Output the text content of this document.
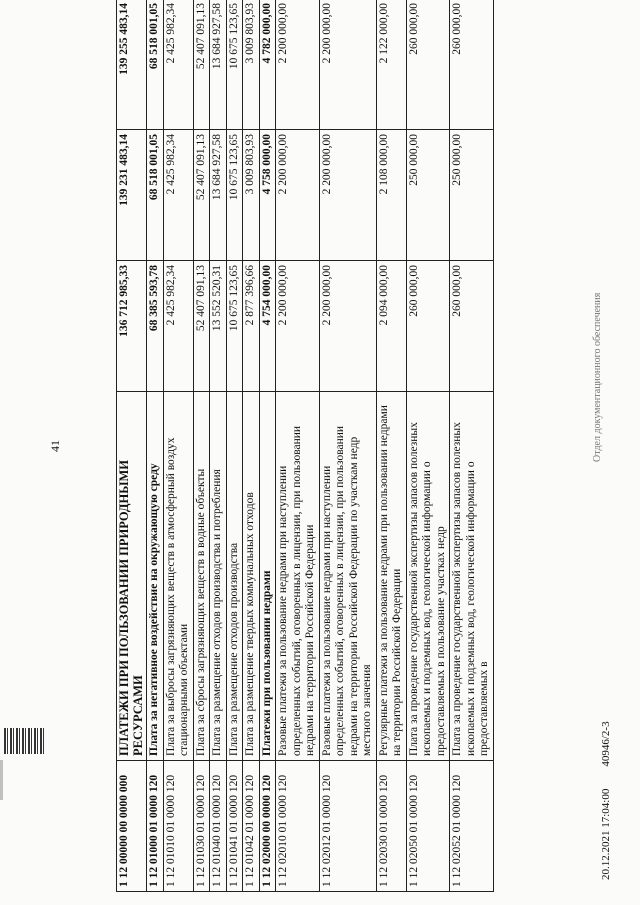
41
1 12 00000 00 0000 000	ПЛАТЕЖИ ПРИ ПОЛЬЗОВАНИИ ПРИРОДНЫМИ РЕСУРСАМИ	136 712 985,33	139 231 483,14	139 255 483,14
1 12 01000 01 0000 120	Плата за негативное воздействие на окружающую среду	68 385 593,78	68 518 001,05	68 518 001,05
1 12 01010 01 0000 120	Плата за выбросы загрязняющих веществ в атмосферный воздух стационарными объектами	2 425 982,34	2 425 982,34	2 425 982,34
1 12 01030 01 0000 120	Плата за сбросы загрязняющих веществ в водные объекты	52 407 091,13	52 407 091,13	52 407 091,13
1 12 01040 01 0000 120	Плата за размещение отходов производства и потребления	13 552 520,31	13 684 927,58	13 684 927,58
1 12 01041 01 0000 120	Плата за размещение отходов производства	10 675 123,65	10 675 123,65	10 675 123,65
1 12 01042 01 0000 120	Плата за размещение твердых коммунальных отходов	2 877 396,66	3 009 803,93	3 009 803,93
1 12 02000 00 0000 120	Платежи при пользовании недрами	4 754 000,00	4 758 000,00	4 782 000,00
1 12 02010 01 0000 120	Разовые платежи за пользование недрами при наступлении определенных событий, оговоренных в лицензии, при пользовании недрами на территории Российской Федерации	2 200 000,00	2 200 000,00	2 200 000,00
1 12 02012 01 0000 120	Разовые платежи за пользование недрами при наступлении определенных событий, оговоренных в лицензии, при пользовании недрами на территории Российской Федерации по участкам недр местного значения	2 200 000,00	2 200 000,00	2 200 000,00
1 12 02030 01 0000 120	Регулярные платежи за пользование недрами при пользовании недрами на территории Российской Федерации	2 094 000,00	2 108 000,00	2 122 000,00
1 12 02050 01 0000 120	Плата за проведение государственной экспертизы запасов полезных ископаемых и подземных вод, геологической информации о предоставляемых в пользование участках недр	260 000,00	250 000,00	260 000,00
1 12 02052 01 0000 120	Плата за проведение государственной экспертизы запасов полезных ископаемых и подземных вод, геологической информации о предоставляемых в	260 000,00	250 000,00	260 000,00
Отдел документационного обеспечения
20.12.2021 17:04:00        40946/2-3
